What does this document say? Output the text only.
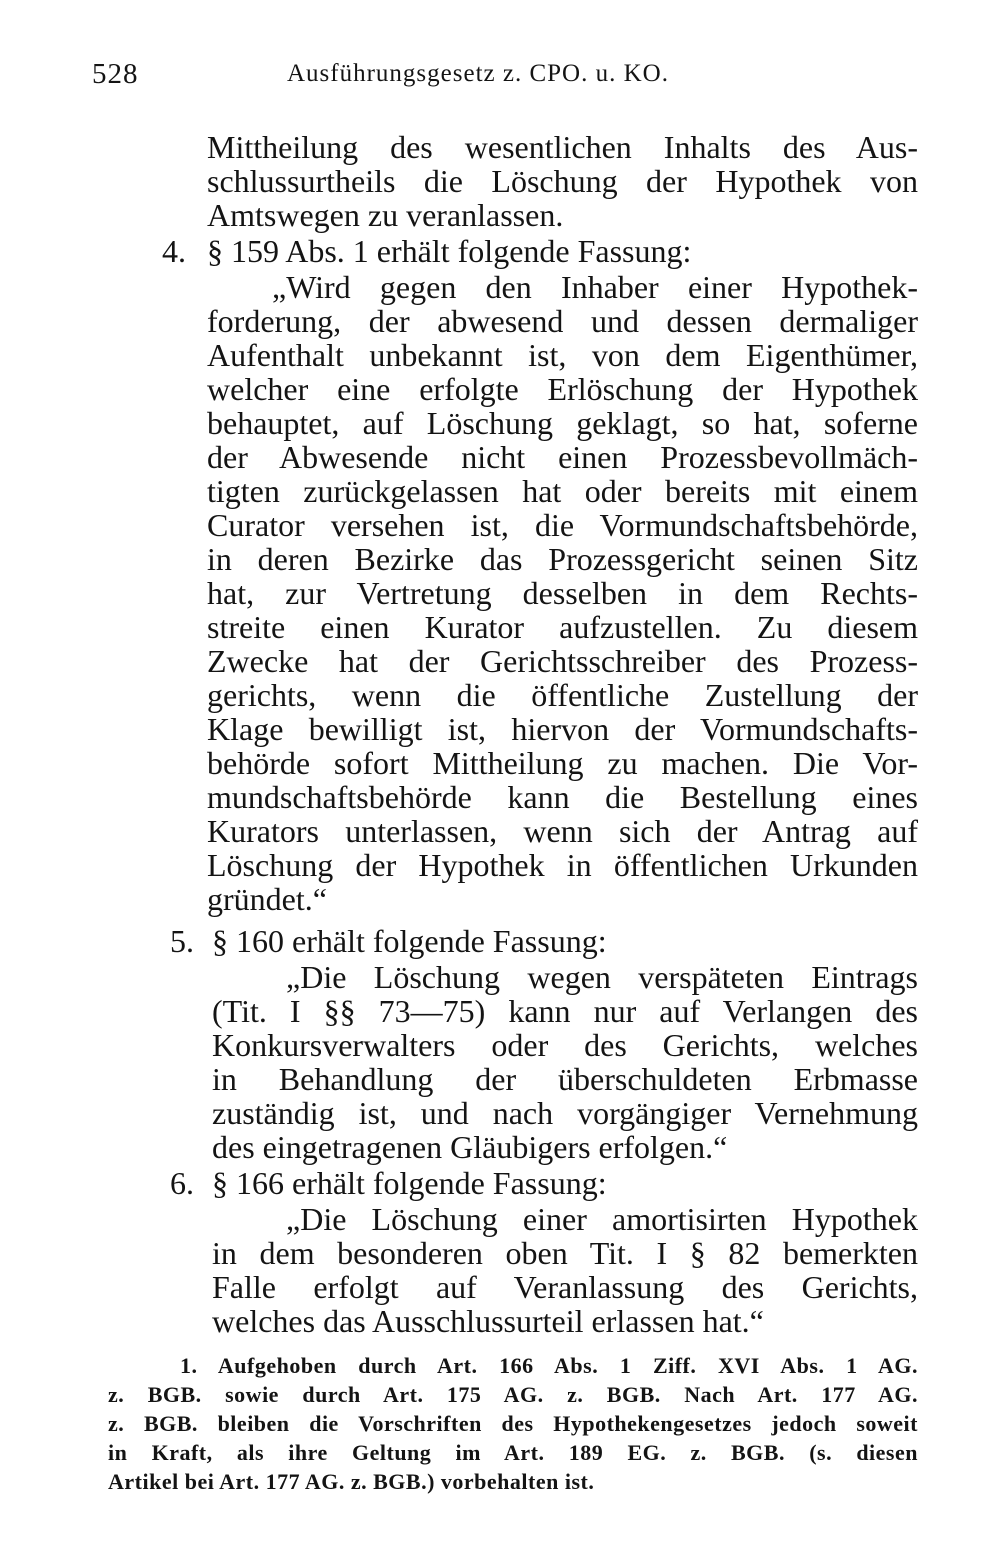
528	Ausführungsgesetz z. CPO. u. KO.
Mittheilung des wesentlichen Inhalts des Aus-
schlussurtheils die Löschung der Hypothek von
Amtswegen zu veranlassen.
4. § 159 Abs. 1 erhält folgende Fassung:
„Wird gegen den Inhaber einer Hypothek-
forderung, der abwesend und dessen dermaliger
Aufenthalt unbekannt ist, von dem Eigenthümer,
welcher eine erfolgte Erlöschung der Hypothek
behauptet, auf Löschung geklagt, so hat, soferne
der Abwesende nicht einen Prozessbevollmäch-
tigten zurückgelassen hat oder bereits mit einem
Curator versehen ist, die Vormundschaftsbehörde,
in deren Bezirke das Prozessgericht seinen Sitz
hat, zur Vertretung desselben in dem Rechts-
streite einen Kurator aufzustellen. Zu diesem
Zwecke hat der Gerichtsschreiber des Prozess-
gerichts, wenn die öffentliche Zustellung der
Klage bewilligt ist, hiervon der Vormundschafts-
behörde sofort Mittheilung zu machen. Die Vor-
mundschaftsbehörde kann die Bestellung eines
Kurators unterlassen, wenn sich der Antrag auf
Löschung der Hypothek in öffentlichen Urkunden
gründet.“
5. § 160 erhält folgende Fassung:
„Die Löschung wegen verspäteten Eintrags
(Tit. I §§ 73—75) kann nur auf Verlangen des
Konkursverwalters oder des Gerichts, welches
in Behandlung der überschuldeten Erbmasse
zuständig ist, und nach vorgängiger Vernehmung
des eingetragenen Gläubigers erfolgen.“
6. § 166 erhält folgende Fassung:
„Die Löschung einer amortisirten Hypothek
in dem besonderen oben Tit. I § 82 bemerkten
Falle erfolgt auf Veranlassung des Gerichts,
welches das Ausschlussurteil erlassen hat.“
1. Aufgehoben durch Art. 166 Abs. 1 Ziff. XVI Abs. 1 AG.
z. BGB. sowie durch Art. 175 AG. z. BGB. Nach Art. 177 AG.
z. BGB. bleiben die Vorschriften des Hypothekengesetzes jedoch soweit
in Kraft, als ihre Geltung im Art. 189 EG. z. BGB. (s. diesen
Artikel bei Art. 177 AG. z. BGB.) vorbehalten ist.
